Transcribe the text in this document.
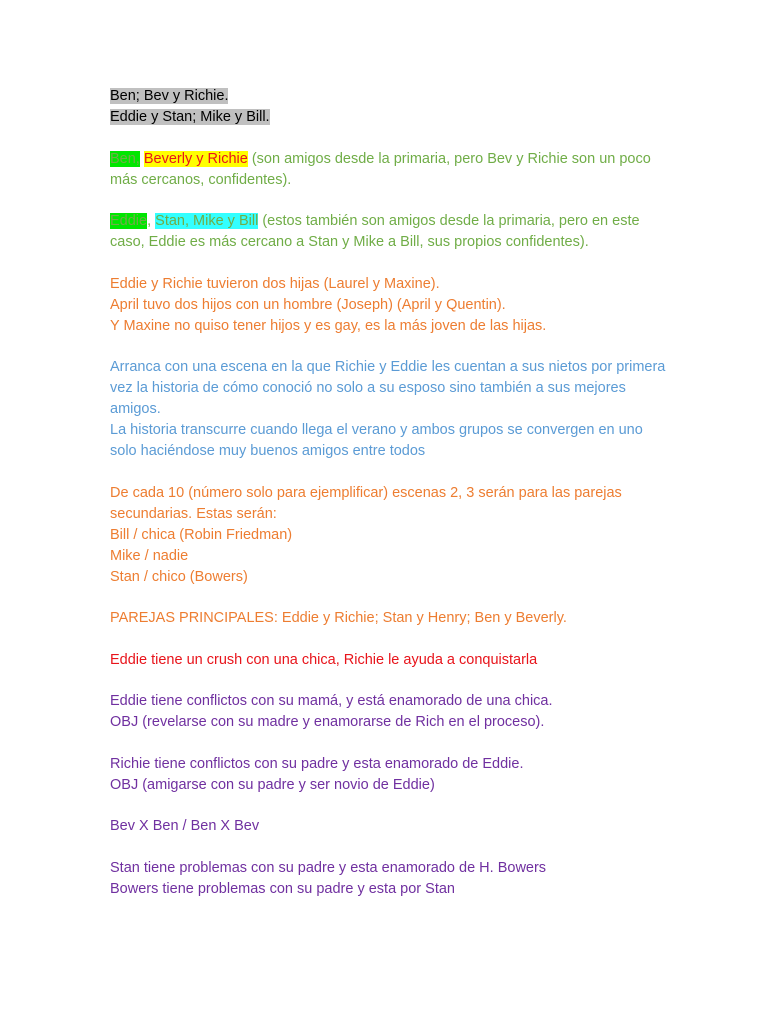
Ben; Bev y Richie.
Eddie y Stan; Mike y Bill.
Ben, Beverly y Richie (son amigos desde la primaria, pero Bev y Richie son un poco más cercanos, confidentes).
Eddie, Stan, Mike y Bill (estos también son amigos desde la primaria, pero en este caso, Eddie es más cercano a Stan y Mike a Bill, sus propios confidentes).
Eddie y Richie tuvieron dos hijas (Laurel y Maxine).
April tuvo dos hijos con un hombre (Joseph) (April y Quentin).
Y Maxine no quiso tener hijos y es gay, es la más joven de las hijas.
Arranca con una escena en la que Richie y Eddie les cuentan a sus nietos por primera vez la historia de cómo conoció no solo a su esposo sino también a sus mejores amigos.
La historia transcurre cuando llega el verano y ambos grupos se convergen en uno solo haciéndose muy buenos amigos entre todos
De cada 10 (número solo para ejemplificar) escenas 2, 3 serán para las parejas secundarias. Estas serán:
Bill / chica (Robin Friedman)
Mike / nadie
Stan / chico (Bowers)
PAREJAS PRINCIPALES: Eddie y Richie; Stan y Henry; Ben y Beverly.
Eddie tiene un crush con una chica, Richie le ayuda a conquistarla
Eddie tiene conflictos con su mamá, y está enamorado de una chica.
OBJ (revelarse con su madre y enamorarse de Rich en el proceso).
Richie tiene conflictos con su padre y esta enamorado de Eddie.
OBJ (amigarse con su padre y ser novio de Eddie)
Bev X Ben / Ben X Bev
Stan tiene problemas con su padre y esta enamorado de H. Bowers
Bowers tiene problemas con su padre y esta por Stan
